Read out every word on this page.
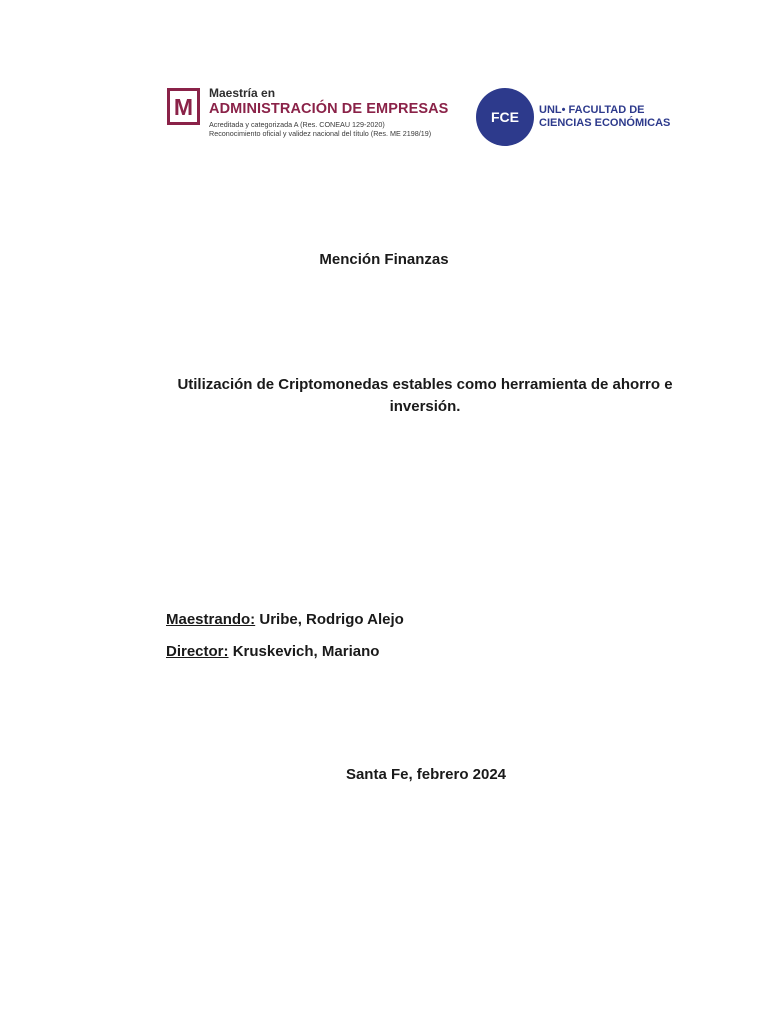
M
Maestría en
ADMINISTRACIÓN DE EMPRESAS
Acreditada y categorizada A (Res. CONEAU 129-2020)
Reconocimiento oficial y validez nacional del título (Res. ME 2198/19)
FCE	UNL• FACULTAD DE
CIENCIAS ECONÓMICAS
Mención Finanzas
Utilización de Criptomonedas estables como herramienta de ahorro e inversión.
Maestrando: Uribe, Rodrigo Alejo
Director: Kruskevich, Mariano
Santa Fe, febrero 2024
